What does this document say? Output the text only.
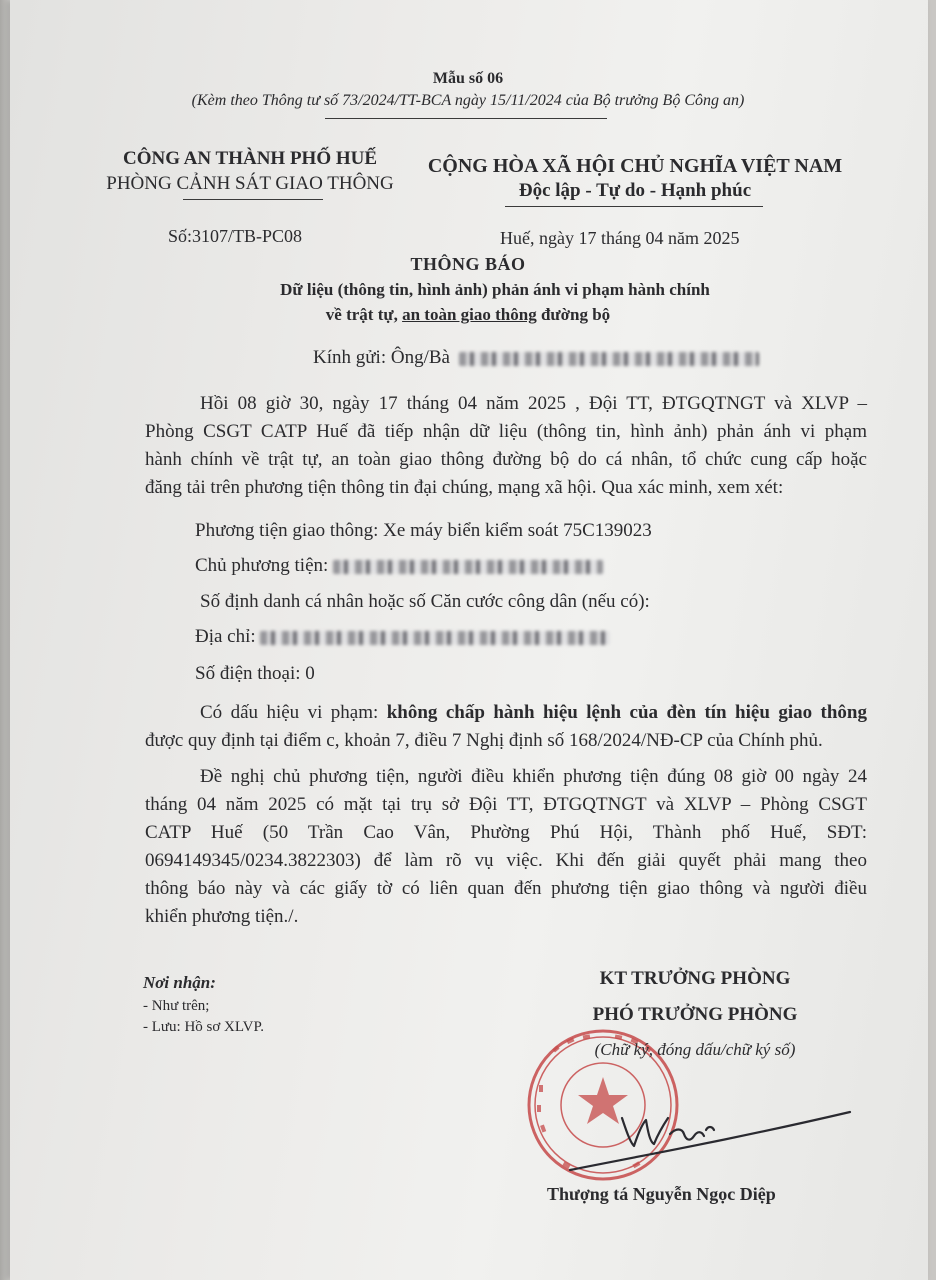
Mẫu số 06
(Kèm theo Thông tư số 73/2024/TT-BCA ngày 15/11/2024 của Bộ trưởng Bộ Công an)
CÔNG AN THÀNH PHỐ HUẾ
PHÒNG CẢNH SÁT GIAO THÔNG
CỘNG HÒA XÃ HỘI CHỦ NGHĨA VIỆT NAM
Độc lập - Tự do - Hạnh phúc
Số:3107/TB-PC08	Huế, ngày 17 tháng 04 năm 2025
THÔNG BÁO
Dữ liệu (thông tin, hình ảnh) phản ánh vi phạm hành chính
về trật tự, an toàn giao thông đường bộ
Kính gửi: Ông/Bà
Hồi 08 giờ 30, ngày 17 tháng 04 năm 2025 , Đội TT, ĐTGQTNGT và XLVP –
Phòng CSGT CATP Huế đã tiếp nhận dữ liệu (thông tin, hình ảnh) phản ánh vi phạm
hành chính về trật tự, an toàn giao thông đường bộ do cá nhân, tổ chức cung cấp hoặc
đăng tải trên phương tiện thông tin đại chúng, mạng xã hội. Qua xác minh, xem xét:
Phương tiện giao thông: Xe máy biển kiểm soát 75C139023
Chủ phương tiện:
Số định danh cá nhân hoặc số Căn cước công dân (nếu có):
Địa chỉ:
Số điện thoại: 0
Có dấu hiệu vi phạm: không chấp hành hiệu lệnh của đèn tín hiệu giao thông
được quy định tại điểm c, khoản 7, điều 7 Nghị định số 168/2024/NĐ-CP của Chính phủ.
Đề nghị chủ phương tiện, người điều khiển phương tiện đúng 08 giờ 00 ngày 24
tháng 04 năm 2025 có mặt tại trụ sở Đội TT, ĐTGQTNGT và XLVP – Phòng CSGT
CATP Huế (50 Trần Cao Vân, Phường Phú Hội, Thành phố Huế, SĐT:
0694149345/0234.3822303) để làm rõ vụ việc. Khi đến giải quyết phải mang theo
thông báo này và các giấy tờ có liên quan đến phương tiện giao thông và người điều
khiển phương tiện./.
Nơi nhận:
- Như trên;
- Lưu: Hồ sơ XLVP.
KT TRƯỞNG PHÒNG
PHÓ TRƯỞNG PHÒNG
(Chữ ký, đóng dấu/chữ ký số)
Thượng tá Nguyễn Ngọc Diệp
